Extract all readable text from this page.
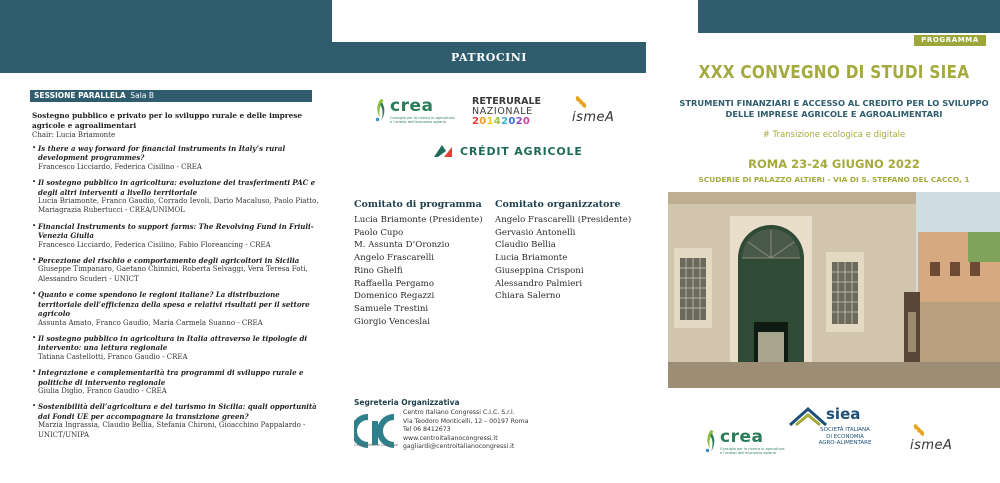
SESSIONE PARALLELA Sala B
Sostegno pubblico e privato per lo sviluppo rurale e delle imprese agricole e agroalimentari
Chair: Lucia Briamonte
• Is there a way forward for financial instruments in Italy’s rural development programmes?
Francesco Licciardo, Federica Cisilino - CREA
• Il sostegno pubblico in agricoltura: evoluzione dei trasferimenti PAC e degli altri interventi a livello territoriale
Lucia Briamonte, Franco Gaudio, Corrado Ievoli, Dario Macaluso, Paolo Piatto, Mariagrazia Rubertucci - CREA/UNIMOL
• Financial Instruments to support farms: The Revolving Fund in Friuli-Venezia Giulia
Francesco Licciardo, Federica Cisilino, Fabio Floreancing - CREA
• Percezione del rischio e comportamento degli agricoltori in Sicilia
Giuseppe Timpanaro, Gaetano Chinnici, Roberta Selvaggi, Vera Teresa Foti, Alessandro Scuderi - UNICT
• Quanto e come spendono le regioni italiane? La distribuzione territoriale dell’efficienza della spesa e relativi risultati per il settore agricolo
Assunta Amato, Franco Gaudio, Maria Carmela Suanno - CREA
• Il sostegno pubblico in agricoltura in Italia attraverso le tipologie di intervento: una lettura regionale
Tatiana Castellotti, Franco Gaudio - CREA
• Integrazione e complementarità tra programmi di sviluppo rurale e politiche di intervento regionale
Giulia Diglio, Franco Gaudio - CREA
• Sostenibilità dell’agricoltura e del turismo in Sicilia: quali opportunità dai Fondi UE per accompagnare la transizione green?
Marzia Ingrassia, Claudio Bellia, Stefania Chironi, Gioacchino Pappalardo - UNICT/UNIPA
PATROCINI
crea
Consiglio per la ricerca in agricoltura
e l’analisi dell’economia agraria
RETERURALE
NAZIONALE
20142020	ismeA
CRÉDIT AGRICOLE
Comitato di programma
Lucia Briamonte (Presidente)
Paolo Cupo
M. Assunta D’Oronzio
Angelo Frascarelli
Rino Ghelfi
Raffaella Pergamo
Domenico Regazzi
Samuele Trestini
Giorgio Venceslai
Comitato organizzatore
Angelo Frascarelli (Presidente)
Gervasio Antonelli
Claudio Bellia
Lucia Briamonte
Giuseppina Crisponi
Alessandro Palmieri
Chiara Salerno
Segreteria Organizzativa
Centro Italiano Congressi
Centro Italiano Congressi C.I.C. S.r.l.
Via Teodoro Monticelli, 12 – 00197 Roma
Tel 06 8412673
www.centroitalianocongressi.it
gagliardi@centroitalianocongressi.it
PROGRAMMA
XXX CONVEGNO DI STUDI SIEA
STRUMENTI FINANZIARI E ACCESSO AL CREDITO PER LO SVILUPPO
DELLE IMPRESE AGRICOLE E AGROALIMENTARI
# Transizione ecologica e digitale
ROMA 23-24 GIUGNO 2022
SCUDERIE DI PALAZZO ALTIERI - VIA DI S. STEFANO DEL CACCO, 1
crea
Consiglio per la ricerca in agricoltura
e l’analisi dell’economia agraria
siea
SOCIETÀ ITALIANA
DI ECONOMIA
AGRO-ALIMENTARE	ismeA
